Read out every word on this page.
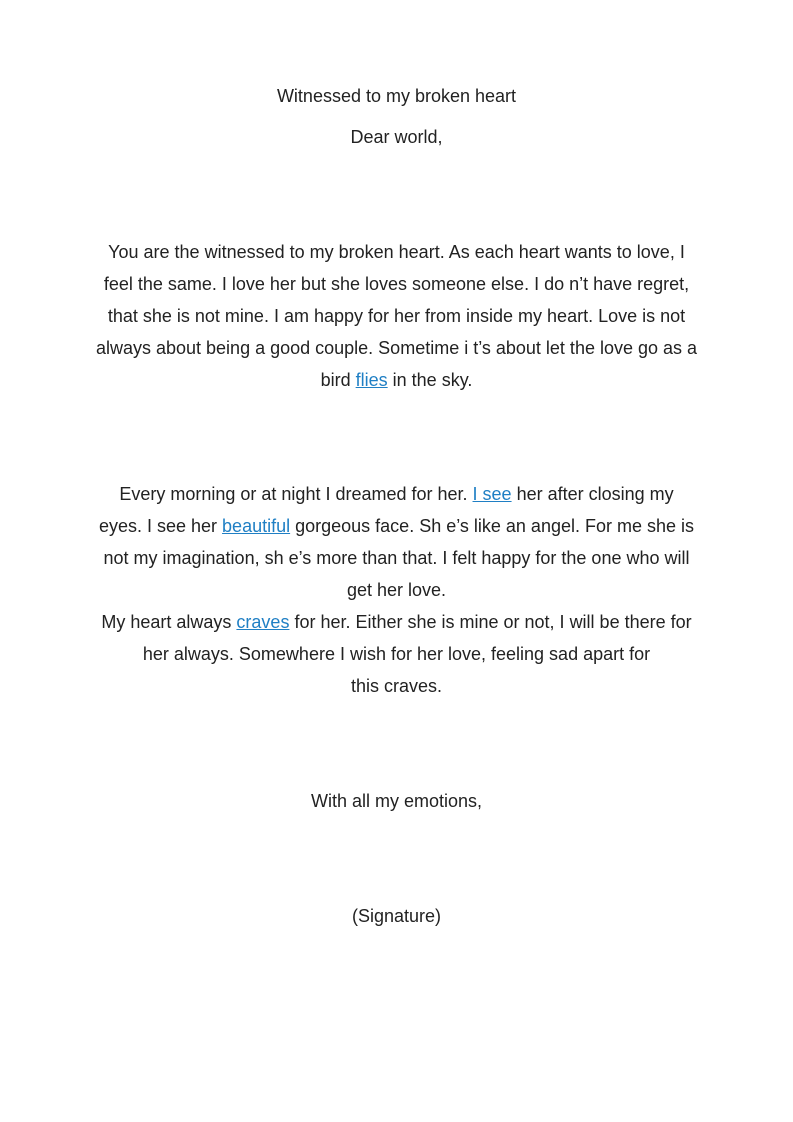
Witnessed to my broken heart
Dear world,
You are the witnessed to my broken heart. As each heart wants to love, I
feel the same. I love her but she loves someone else. I do n’t have regret,
that she is not mine. I am happy for her from inside my heart. Love is not
always about being a good couple. Sometime i t’s about let the love go as a
bird flies in the sky.
Every morning or at night I dreamed for her. I see her after closing my
eyes. I see her beautiful gorgeous face. Sh e’s like an angel. For me she is
not my imagination, sh e’s more than that. I felt happy for the one who will
get her love.
My heart always craves for her. Either she is mine or not, I will be there for
her always. Somewhere I wish for her love, feeling sad apart for
this craves.
With all my emotions,
(Signature)
